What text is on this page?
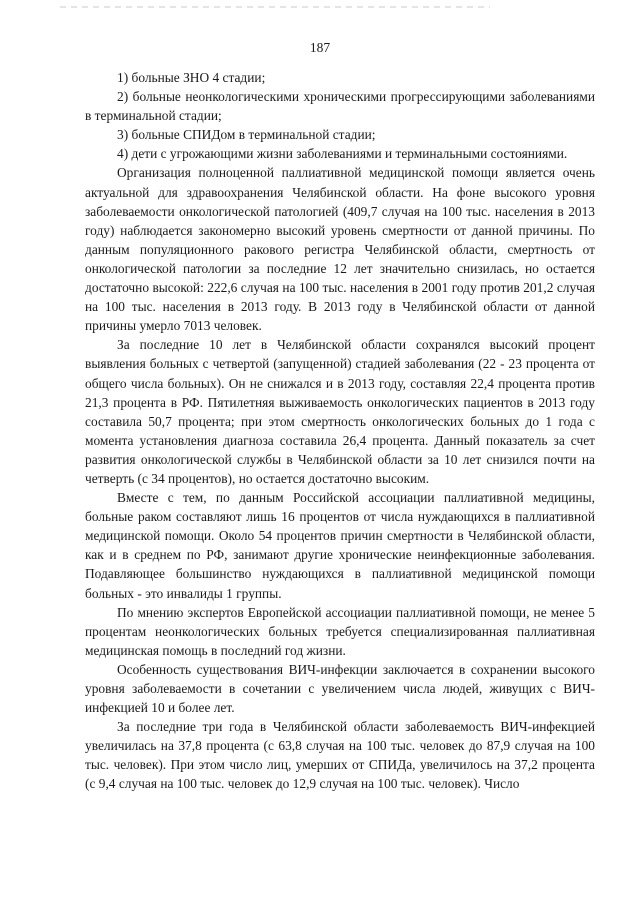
187

1) больные ЗНО 4 стадии;

2) больные неонкологическими хроническими прогрессирующими заболеваниями в терминальной стадии;

3) больные СПИДом в терминальной стадии;

4) дети с угрожающими жизни заболеваниями и терминальными состояниями.

Организация полноценной паллиативной медицинской помощи является очень актуальной для здравоохранения Челябинской области. На фоне высокого уровня заболеваемости онкологической патологией (409,7 случая на 100 тыс. населения в 2013 году) наблюдается закономерно высокий уровень смертности от данной причины. По данным популяционного ракового регистра Челябинской области, смертность от онкологической патологии за последние 12 лет значительно снизилась, но остается достаточно высокой: 222,6 случая на 100 тыс. населения в 2001 году против 201,2 случая на 100 тыс. населения в 2013 году. В 2013 году в Челябинской области от данной причины умерло 7013 человек.

За последние 10 лет в Челябинской области сохранялся высокий процент выявления больных с четвертой (запущенной) стадией заболевания (22 - 23 процента от общего числа больных). Он не снижался и в 2013 году, составляя 22,4 процента против 21,3 процента в РФ. Пятилетняя выживаемость онкологических пациентов в 2013 году составила 50,7 процента; при этом смертность онкологических больных до 1 года с момента установления диагноза составила 26,4 процента. Данный показатель за счет развития онкологической службы в Челябинской области за 10 лет снизился почти на четверть (с 34 процентов), но остается достаточно высоким.

Вместе с тем, по данным Российской ассоциации паллиативной медицины, больные раком составляют лишь 16 процентов от числа нуждающихся в паллиативной медицинской помощи. Около 54 процентов причин смертности в Челябинской области, как и в среднем по РФ, занимают другие хронические неинфекционные заболевания. Подавляющее большинство нуждающихся в паллиативной медицинской помощи больных - это инвалиды 1 группы.

По мнению экспертов Европейской ассоциации паллиативной помощи, не менее 5 процентам неонкологических больных требуется специализированная паллиативная медицинская помощь в последний год жизни.

Особенность существования ВИЧ-инфекции заключается в сохранении высокого уровня заболеваемости в сочетании с увеличением числа людей, живущих с ВИЧ-инфекцией 10 и более лет.

За последние три года в Челябинской области заболеваемость ВИЧ-инфекцией увеличилась на 37,8 процента (с 63,8 случая на 100 тыс. человек до 87,9 случая на 100 тыс. человек). При этом число лиц, умерших от СПИДа, увеличилось на 37,2 процента (с 9,4 случая на 100 тыс. человек до 12,9 случая на 100 тыс. человек). Число
